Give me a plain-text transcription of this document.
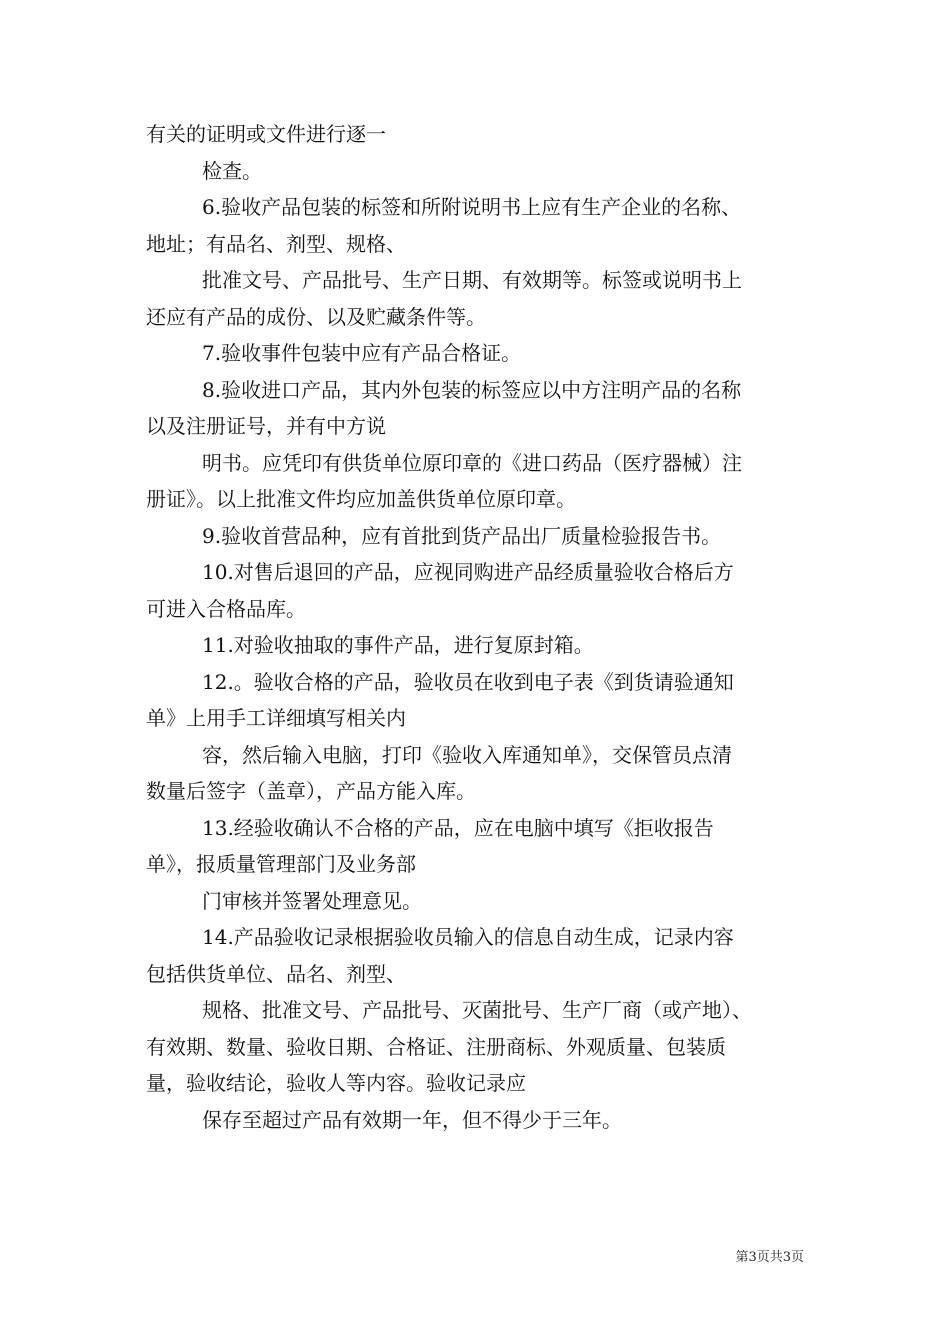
有关的证明或文件进行逐一

检查。

6.验收产品包装的标签和所附说明书上应有生产企业的名称、

地址；有品名、剂型、规格、

批准文号、产品批号、生产日期、有效期等。标签或说明书上

还应有产品的成份、以及贮藏条件等。

7.验收事件包装中应有产品合格证。

8.验收进口产品，其内外包装的标签应以中方注明产品的名称

以及注册证号，并有中方说

明书。应凭印有供货单位原印章的《进口药品（医疗器械）注

册证》。以上批准文件均应加盖供货单位原印章。

9.验收首营品种，应有首批到货产品出厂质量检验报告书。

10.对售后退回的产品，应视同购进产品经质量验收合格后方

可进入合格品库。

11.对验收抽取的事件产品，进行复原封箱。

12.。验收合格的产品，验收员在收到电子表《到货请验通知

单》上用手工详细填写相关内

容，然后输入电脑，打印《验收入库通知单》，交保管员点清

数量后签字（盖章），产品方能入库。

13.经验收确认不合格的产品，应在电脑中填写《拒收报告

单》，报质量管理部门及业务部

门审核并签署处理意见。

14.产品验收记录根据验收员输入的信息自动生成，记录内容

包括供货单位、品名、剂型、

规格、批准文号、产品批号、灭菌批号、生产厂商（或产地）、

有效期、数量、验收日期、合格证、注册商标、外观质量、包装质

量，验收结论，验收人等内容。验收记录应

保存至超过产品有效期一年，但不得少于三年。

第3页共3页
